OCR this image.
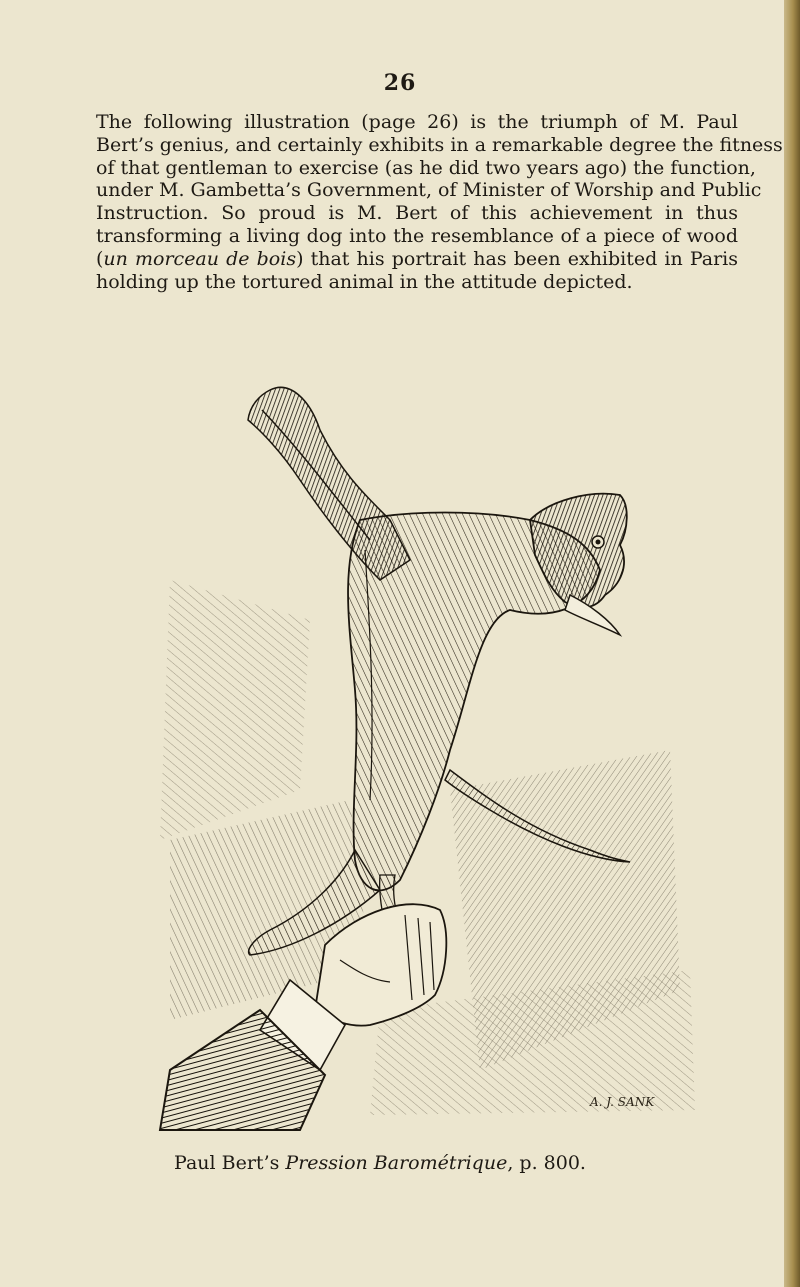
26

The following illustration (page 26) is the triumph of M. Paul
Bert’s genius, and certainly exhibits in a remarkable degree the fitness
of that gentleman to exercise (as he did two years ago) the function,
under M. Gambetta’s Government, of Minister of Worship and Public
Instruction. So proud is M. Bert of this achievement in thus
transforming a living dog into the resemblance of a piece of wood
(un morceau de bois) that his portrait has been exhibited in Paris
holding up the tortured animal in the attitude depicted.

A. J. SANK
Paul Bert’s Pression Barométrique, p. 800.
